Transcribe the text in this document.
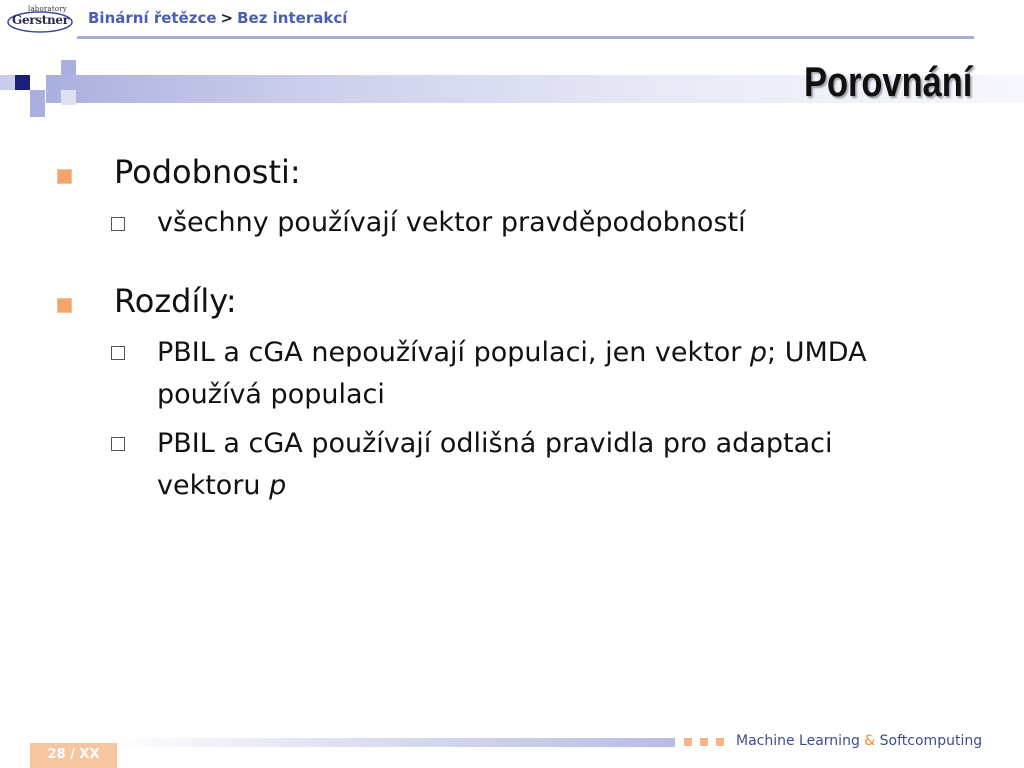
laboratory
Gerstner Binární řetězce > Bez interakcí
Porovnání
Podobnosti:
všechny používají vektor pravděpodobností
Rozdíly:
PBIL a cGA nepoužívají populaci, jen vektor p; UMDA
používá populaci
PBIL a cGA používají odlišná pravidla pro adaptaci
vektoru p
28 / XX
Machine Learning & Softcomputing
